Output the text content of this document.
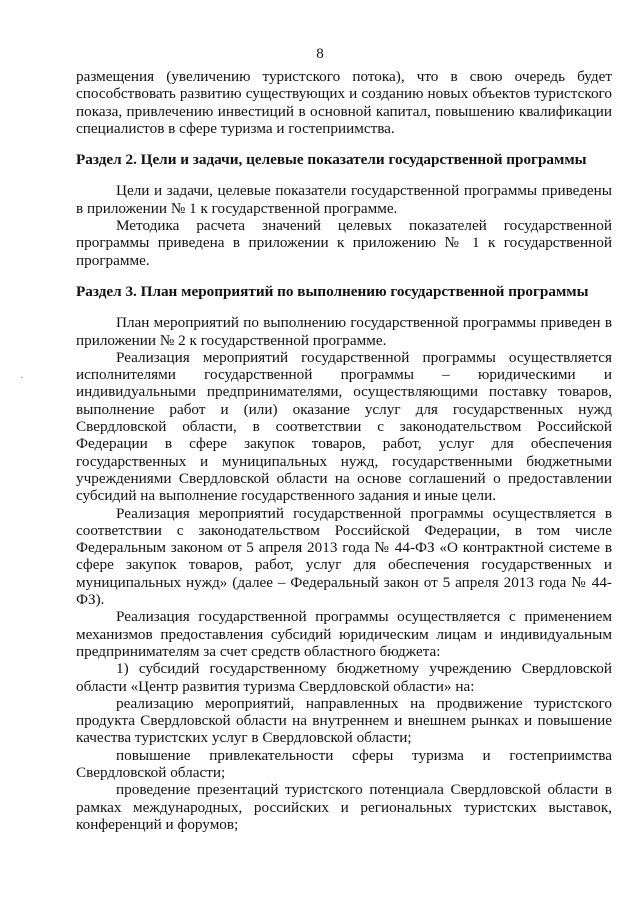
8
·

размещения (увеличению туристского потока), что в свою очередь будет способствовать развитию существующих и созданию новых объектов туристского показа, привлечению инвестиций в основной капитал, повышению квалификации специалистов в сфере туризма и гостеприимства.

Раздел 2. Цели и задачи, целевые показатели государственной программы

Цели и задачи, целевые показатели государственной программы приведены в приложении № 1 к государственной программе.

Методика расчета значений целевых показателей государственной программы приведена в приложении к приложению № 1 к государственной программе.

Раздел 3. План мероприятий по выполнению государственной программы

План мероприятий по выполнению государственной программы приведен в приложении № 2 к государственной программе.

Реализация мероприятий государственной программы осуществляется исполнителями государственной программы – юридическими и индивидуальными предпринимателями, осуществляющими поставку товаров, выполнение работ и (или) оказание услуг для государственных нужд Свердловской области, в соответствии с законодательством Российской Федерации в сфере закупок товаров, работ, услуг для обеспечения государственных и муниципальных нужд, государственными бюджетными учреждениями Свердловской области на основе соглашений о предоставлении субсидий на выполнение государственного задания и иные цели.

Реализация мероприятий государственной программы осуществляется в соответствии с законодательством Российской Федерации, в том числе Федеральным законом от 5 апреля 2013 года № 44-ФЗ «О контрактной системе в сфере закупок товаров, работ, услуг для обеспечения государственных и муниципальных нужд» (далее – Федеральный закон от 5 апреля 2013 года № 44-ФЗ).

Реализация государственной программы осуществляется с применением механизмов предоставления субсидий юридическим лицам и индивидуальным предпринимателям за счет средств областного бюджета:

1) субсидий государственному бюджетному учреждению Свердловской области «Центр развития туризма Свердловской области» на:

реализацию мероприятий, направленных на продвижение туристского продукта Свердловской области на внутреннем и внешнем рынках и повышение качества туристских услуг в Свердловской области;

повышение привлекательности сферы туризма и гостеприимства Свердловской области;

проведение презентаций туристского потенциала Свердловской области в рамках международных, российских и региональных туристских выставок, конференций и форумов;
